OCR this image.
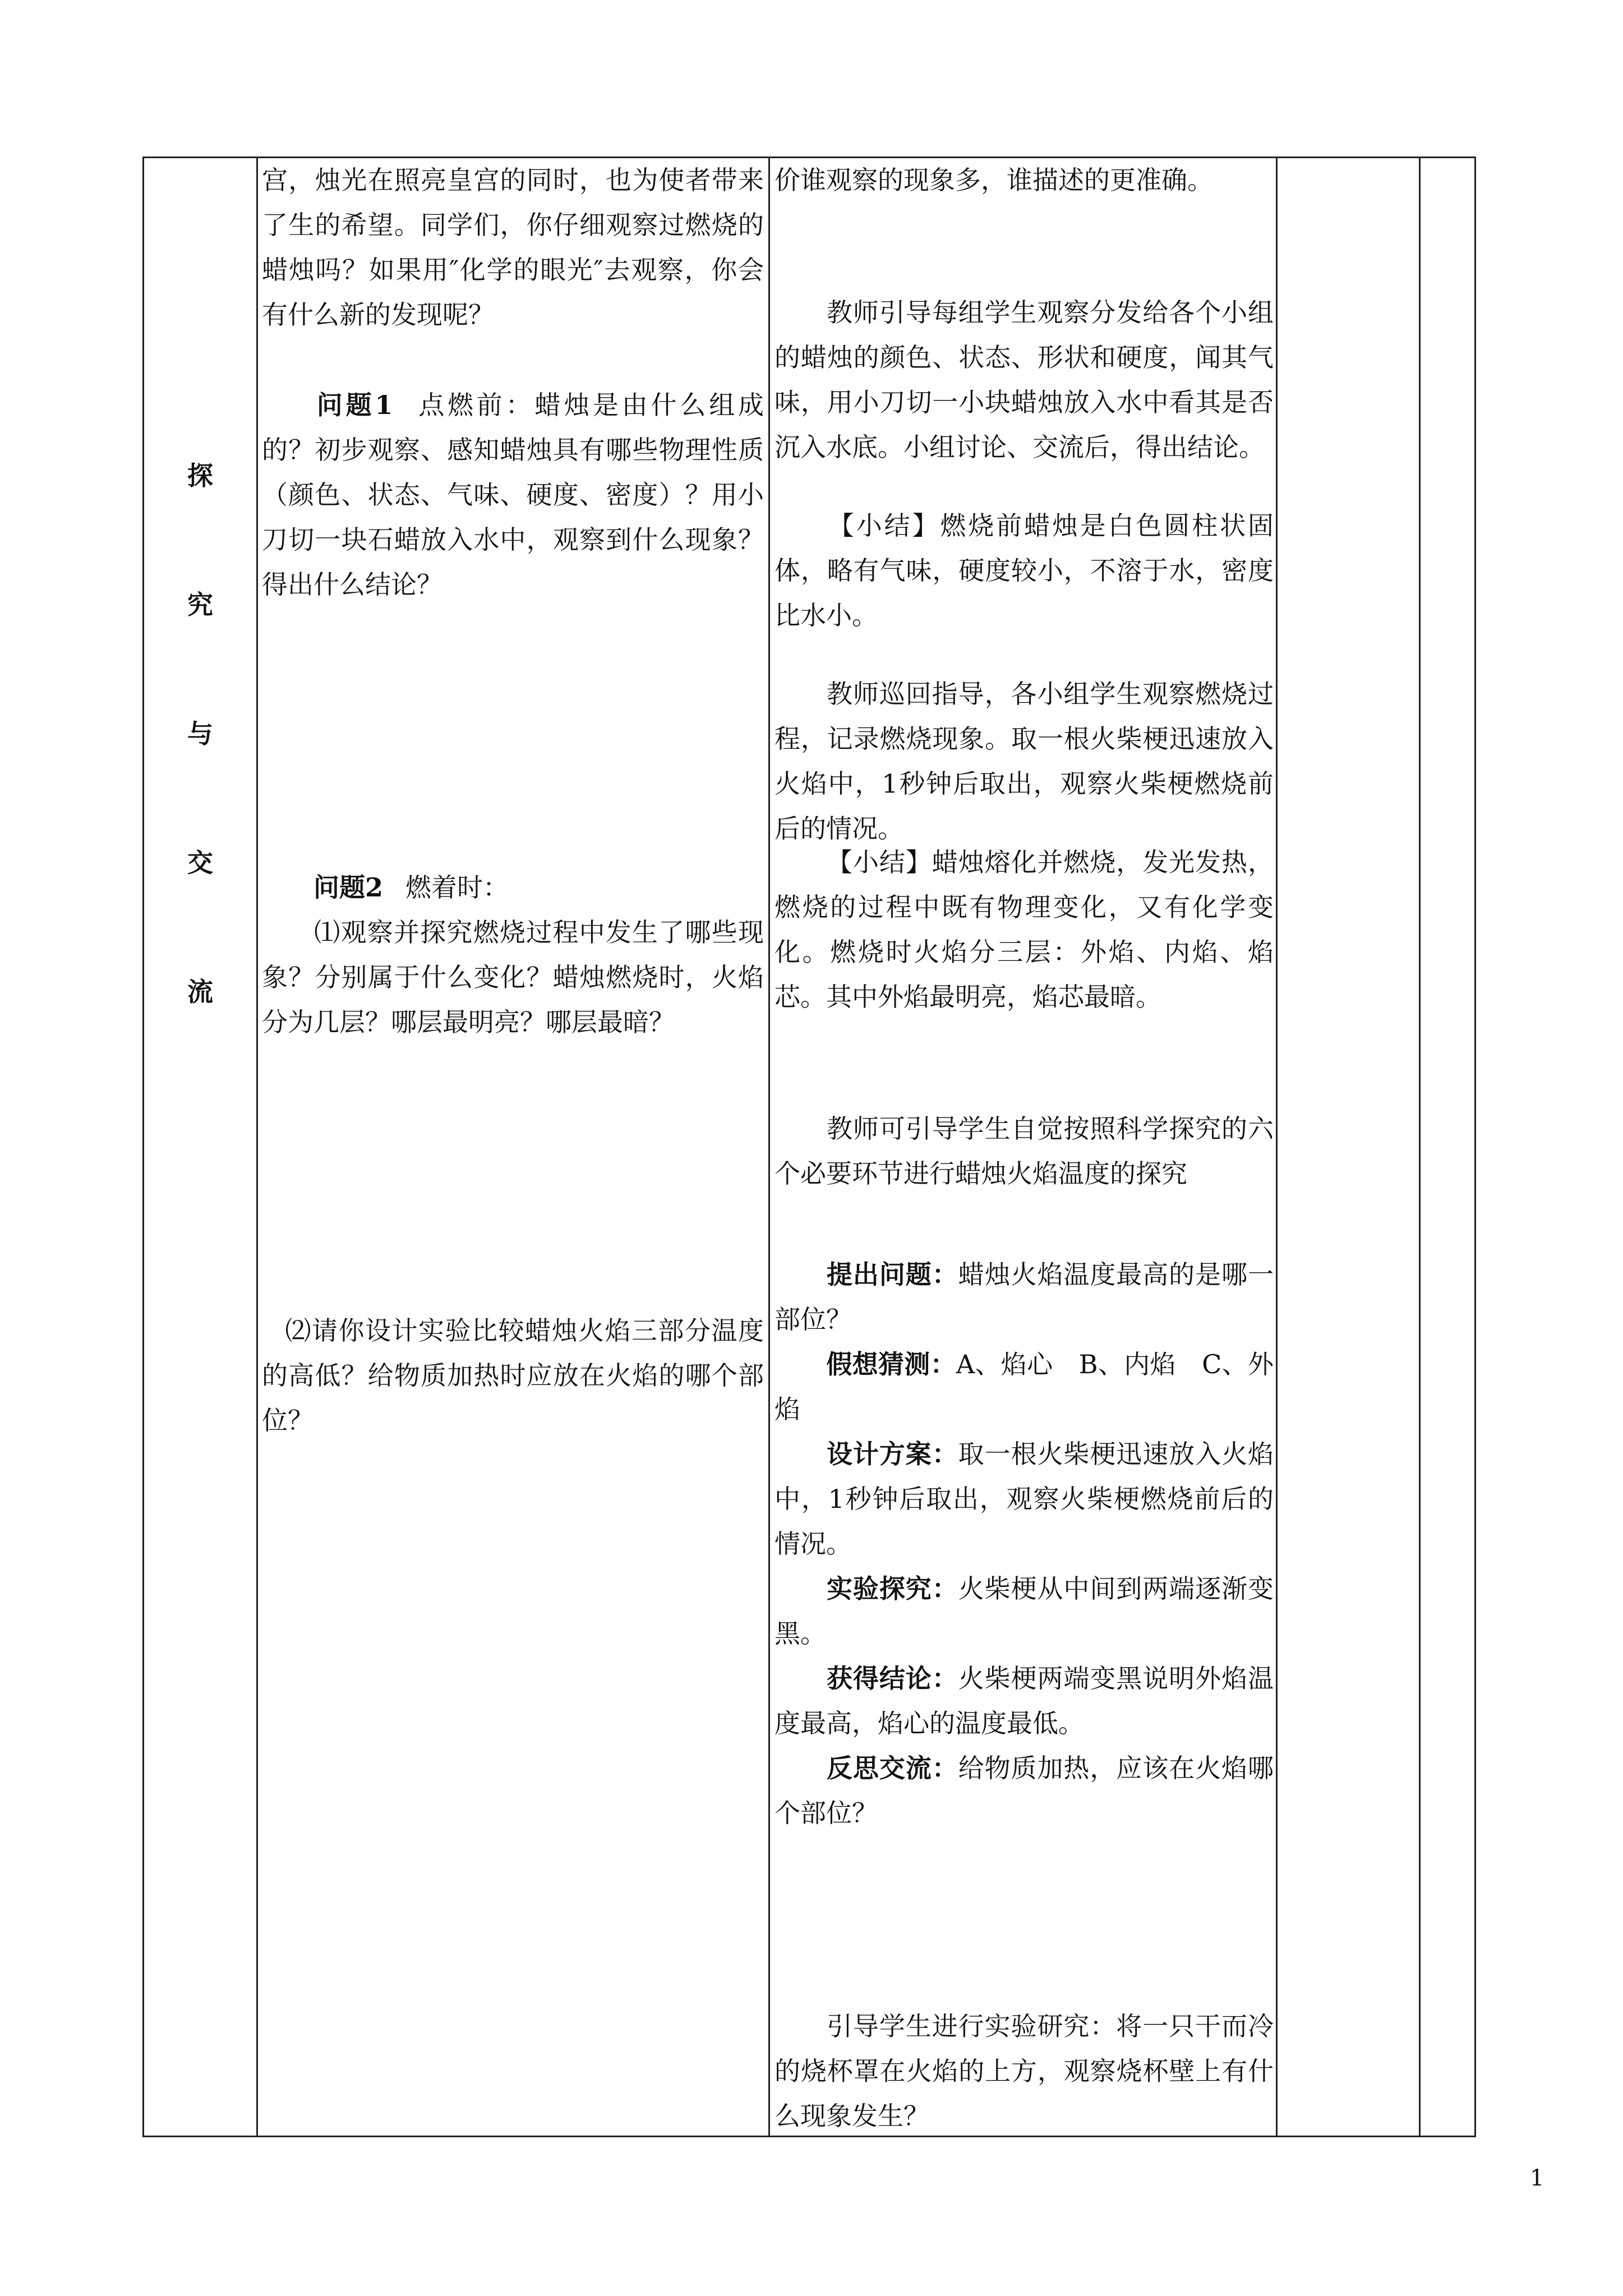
探
究
与
交
流

宫，烛光在照亮皇宫的同时，也为使者带来了生的希望。同学们，你仔细观察过燃烧的蜡烛吗？如果用″化学的眼光″去观察，你会有什么新的发现呢？

问题1 点燃前：蜡烛是由什么组成的？初步观察、感知蜡烛具有哪些物理性质（颜色、状态、气味、硬度、密度）？用小刀切一块石蜡放入水中，观察到什么现象？得出什么结论？

问题2 燃着时：

⑴观察并探究燃烧过程中发生了哪些现象？分别属于什么变化？蜡烛燃烧时，火焰分为几层？哪层最明亮？哪层最暗？

⑵请你设计实验比较蜡烛火焰三部分温度的高低？给物质加热时应放在火焰的哪个部位？

价谁观察的现象多，谁描述的更准确。

教师引导每组学生观察分发给各个小组的蜡烛的颜色、状态、形状和硬度，闻其气味，用小刀切一小块蜡烛放入水中看其是否沉入水底。小组讨论、交流后，得出结论。

【小结】燃烧前蜡烛是白色圆柱状固体，略有气味，硬度较小，不溶于水，密度比水小。

教师巡回指导，各小组学生观察燃烧过程，记录燃烧现象。取一根火柴梗迅速放入火焰中，1秒钟后取出，观察火柴梗燃烧前后的情况。

【小结】蜡烛熔化并燃烧，发光发热，燃烧的过程中既有物理变化，又有化学变化。燃烧时火焰分三层：外焰、内焰、焰芯。其中外焰最明亮，焰芯最暗。

教师可引导学生自觉按照科学探究的六个必要环节进行蜡烛火焰温度的探究

提出问题：蜡烛火焰温度最高的是哪一部位？

假想猜测：A、焰心　B、内焰　C、外焰

设计方案：取一根火柴梗迅速放入火焰中，1秒钟后取出，观察火柴梗燃烧前后的情况。

实验探究：火柴梗从中间到两端逐渐变黑。

获得结论：火柴梗两端变黑说明外焰温度最高，焰心的温度最低。

反思交流：给物质加热，应该在火焰哪个部位？

引导学生进行实验研究：将一只干而冷的烧杯罩在火焰的上方，观察烧杯壁上有什么现象发生？

1
